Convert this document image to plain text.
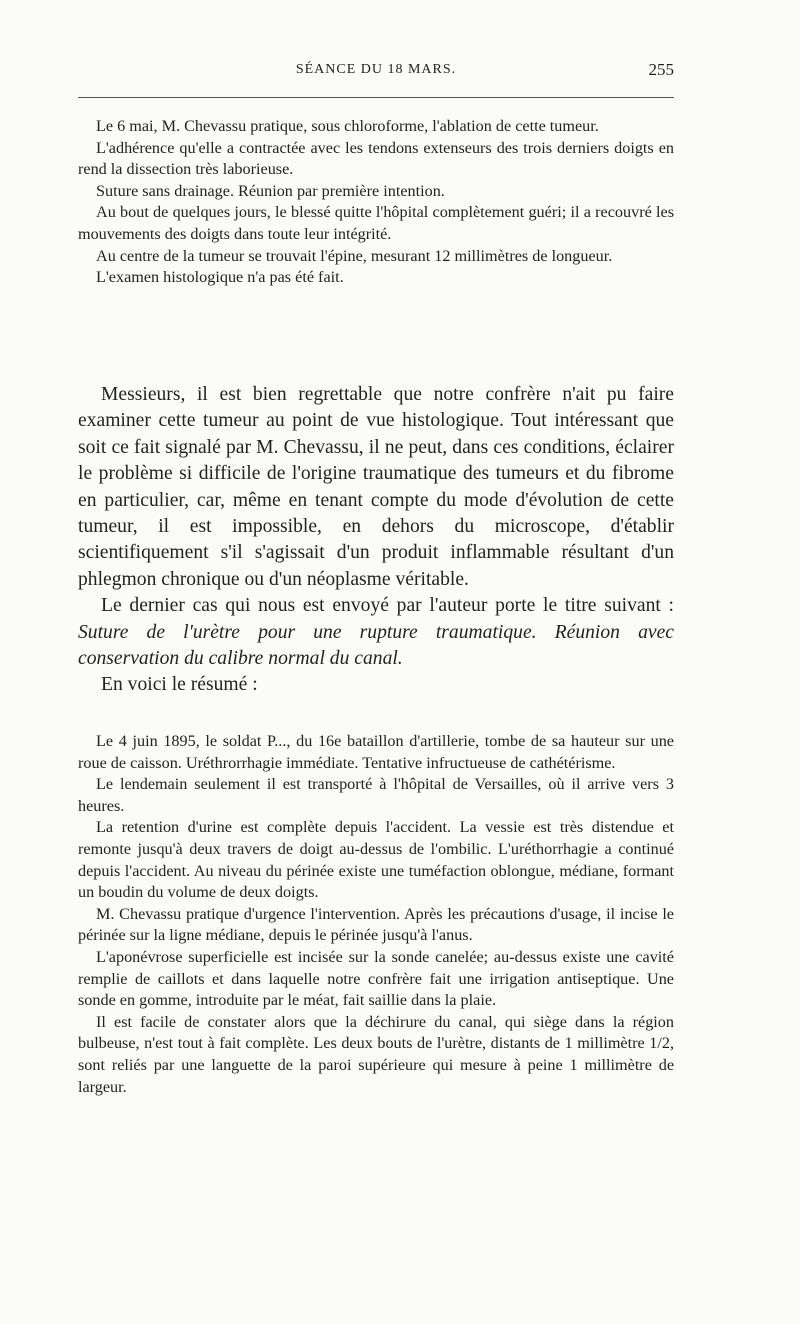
SÉANCE DU 18 MARS.	255

Le 6 mai, M. Chevassu pratique, sous chloroforme, l'ablation de cette tumeur.

L'adhérence qu'elle a contractée avec les tendons extenseurs des trois derniers doigts en rend la dissection très laborieuse.

Suture sans drainage. Réunion par première intention.

Au bout de quelques jours, le blessé quitte l'hôpital complètement guéri; il a recouvré les mouvements des doigts dans toute leur intégrité.

Au centre de la tumeur se trouvait l'épine, mesurant 12 millimètres de longueur.

L'examen histologique n'a pas été fait.

Messieurs, il est bien regrettable que notre confrère n'ait pu faire examiner cette tumeur au point de vue histologique. Tout intéressant que soit ce fait signalé par M. Chevassu, il ne peut, dans ces conditions, éclairer le problème si difficile de l'origine traumatique des tumeurs et du fibrome en particulier, car, même en tenant compte du mode d'évolution de cette tumeur, il est impossible, en dehors du microscope, d'établir scientifiquement s'il s'agissait d'un produit inflammable résultant d'un phlegmon chronique ou d'un néoplasme véritable.

Le dernier cas qui nous est envoyé par l'auteur porte le titre suivant : Suture de l'urètre pour une rupture traumatique. Réunion avec conservation du calibre normal du canal.

En voici le résumé :

Le 4 juin 1895, le soldat P..., du 16e bataillon d'artillerie, tombe de sa hauteur sur une roue de caisson. Uréthrorrhagie immédiate. Tentative infructueuse de cathétérisme.

Le lendemain seulement il est transporté à l'hôpital de Versailles, où il arrive vers 3 heures.

La retention d'urine est complète depuis l'accident. La vessie est très distendue et remonte jusqu'à deux travers de doigt au-dessus de l'ombilic. L'uréthorrhagie a continué depuis l'accident. Au niveau du périnée existe une tuméfaction oblongue, médiane, formant un boudin du volume de deux doigts.

M. Chevassu pratique d'urgence l'intervention. Après les précautions d'usage, il incise le périnée sur la ligne médiane, depuis le périnée jusqu'à l'anus.

L'aponévrose superficielle est incisée sur la sonde canelée; au-dessus existe une cavité remplie de caillots et dans laquelle notre confrère fait une irrigation antiseptique. Une sonde en gomme, introduite par le méat, fait saillie dans la plaie.

Il est facile de constater alors que la déchirure du canal, qui siège dans la région bulbeuse, n'est tout à fait complète. Les deux bouts de l'urètre, distants de 1 millimètre 1/2, sont reliés par une languette de la paroi supérieure qui mesure à peine 1 millimètre de largeur.
